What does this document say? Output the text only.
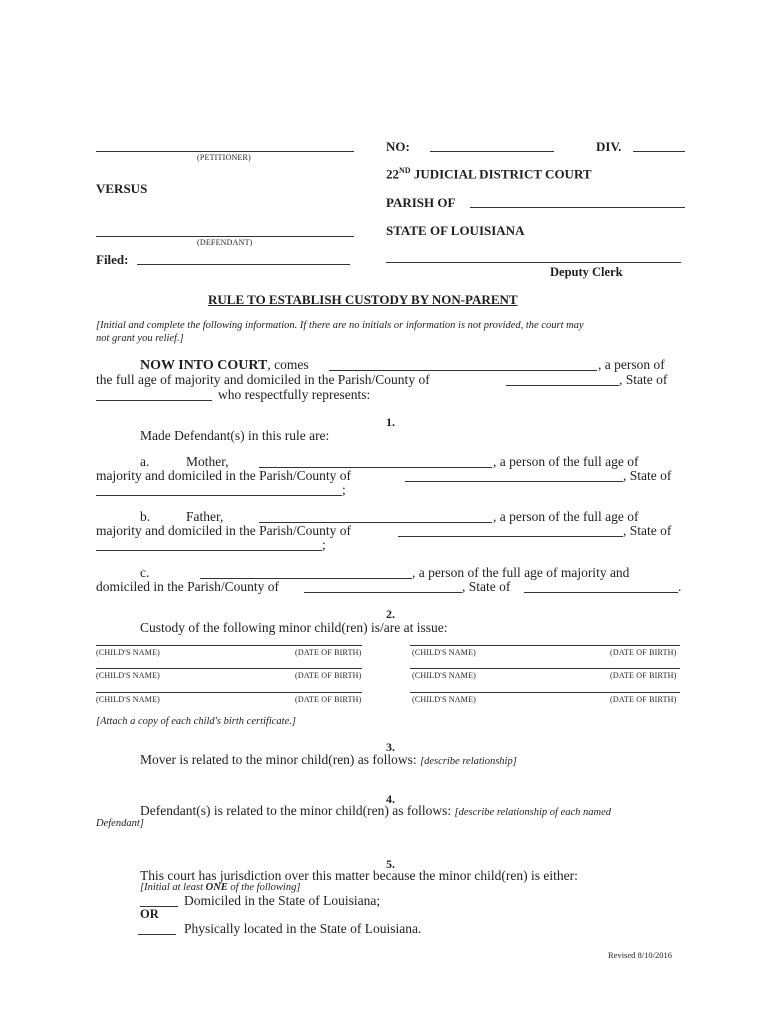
(PETITIONER)
VERSUS
(DEFENDANT)
Filed:
NO:	DIV.
22ND JUDICIAL DISTRICT COURT
PARISH OF
STATE OF LOUISIANA
Deputy Clerk
RULE TO ESTABLISH CUSTODY BY NON-PARENT
[Initial and complete the following information. If there are no initials or information is not provided, the court may
not grant you relief.]
NOW INTO COURT, comes	, a person of
the full age of majority and domiciled in the Parish/County of	, State of
who respectfully represents:
1.
Made Defendant(s) in this rule are:
a.	Mother,	, a person of the full age of
majority and domiciled in the Parish/County of	, State of
;
b.	Father,	, a person of the full age of
majority and domiciled in the Parish/County of	, State of
;
c.	, a person of the full age of majority and
domiciled in the Parish/County of	, State of	.
2.
Custody of the following minor child(ren) is/are at issue:
(CHILD'S NAME)	(DATE OF BIRTH)	(CHILD'S NAME)	(DATE OF BIRTH)
(CHILD'S NAME)	(DATE OF BIRTH)	(CHILD'S NAME)	(DATE OF BIRTH)
(CHILD'S NAME)	(DATE OF BIRTH)	(CHILD'S NAME)	(DATE OF BIRTH)
[Attach a copy of each child's birth certificate.]
3.
Mover is related to the minor child(ren) as follows: [describe relationship]
4.
Defendant(s) is related to the minor child(ren) as follows: [describe relationship of each named
Defendant]
5.
This court has jurisdiction over this matter because the minor child(ren) is either:
[Initial at least ONE of the following]
Domiciled in the State of Louisiana;
OR
Physically located in the State of Louisiana.
Revised 8/10/2016
